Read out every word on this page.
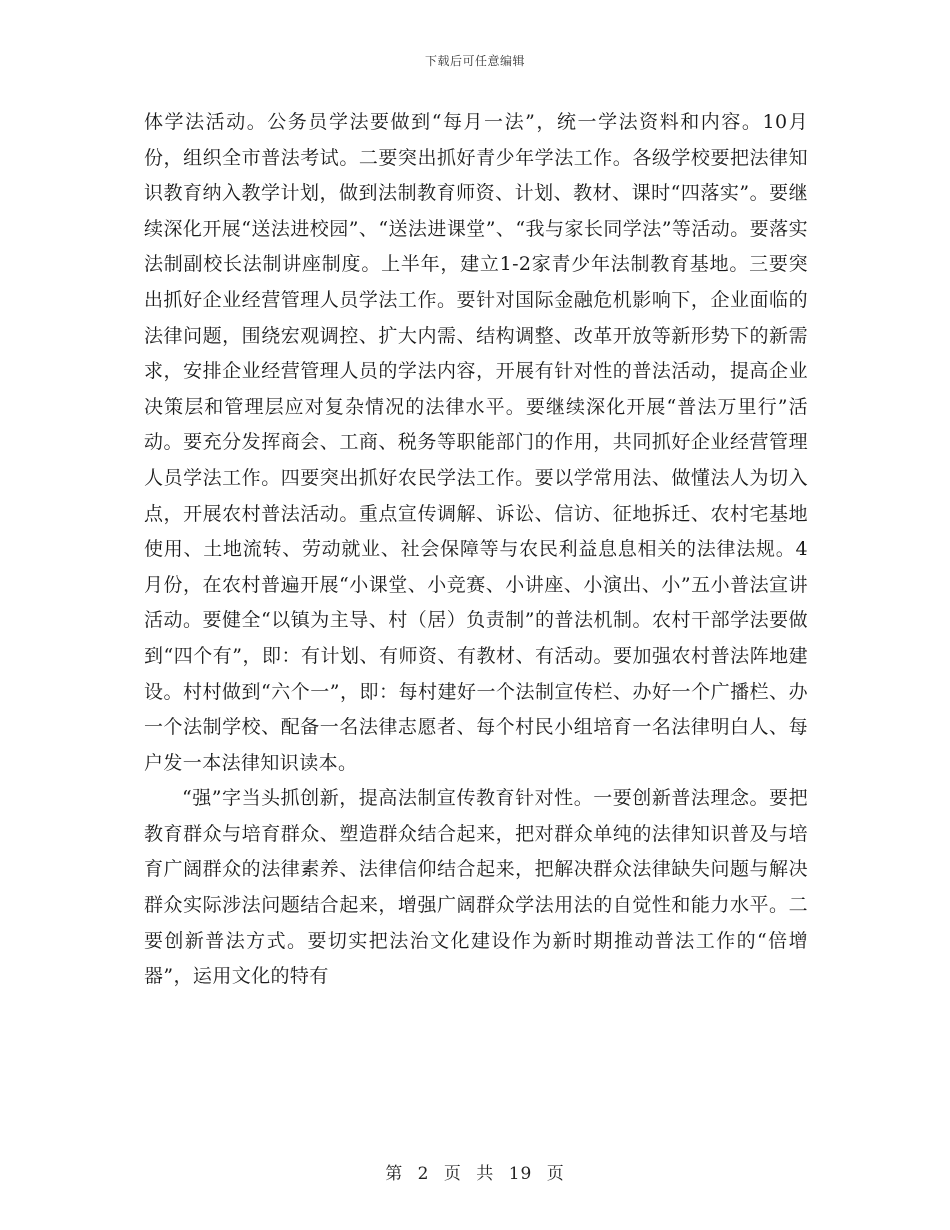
下载后可任意编辑

体学法活动。公务员学法要做到“每月一法”，统一学法资料和内容。10月份，组织全市普法考试。二要突出抓好青少年学法工作。各级学校要把法律知识教育纳入教学计划，做到法制教育师资、计划、教材、课时“四落实”。要继续深化开展“送法进校园”、“送法进课堂”、“我与家长同学法”等活动。要落实法制副校长法制讲座制度。上半年，建立1-2家青少年法制教育基地。三要突出抓好企业经营管理人员学法工作。要针对国际金融危机影响下，企业面临的法律问题，围绕宏观调控、扩大内需、结构调整、改革开放等新形势下的新需求，安排企业经营管理人员的学法内容，开展有针对性的普法活动，提高企业决策层和管理层应对复杂情况的法律水平。要继续深化开展“普法万里行”活动。要充分发挥商会、工商、税务等职能部门的作用，共同抓好企业经营管理人员学法工作。四要突出抓好农民学法工作。要以学常用法、做懂法人为切入点，开展农村普法活动。重点宣传调解、诉讼、信访、征地拆迁、农村宅基地使用、土地流转、劳动就业、社会保障等与农民利益息息相关的法律法规。4月份，在农村普遍开展“小课堂、小竞赛、小讲座、小演出、小”五小普法宣讲活动。要健全“以镇为主导、村（居）负责制”的普法机制。农村干部学法要做到“四个有”，即：有计划、有师资、有教材、有活动。要加强农村普法阵地建设。村村做到“六个一”，即：每村建好一个法制宣传栏、办好一个广播栏、办一个法制学校、配备一名法律志愿者、每个村民小组培育一名法律明白人、每户发一本法律知识读本。

“强”字当头抓创新，提高法制宣传教育针对性。一要创新普法理念。要把教育群众与培育群众、塑造群众结合起来，把对群众单纯的法律知识普及与培育广阔群众的法律素养、法律信仰结合起来，把解决群众法律缺失问题与解决群众实际涉法问题结合起来，增强广阔群众学法用法的自觉性和能力水平。二要创新普法方式。要切实把法治文化建设作为新时期推动普法工作的“倍增器”，运用文化的特有

第 2 页 共 19 页
